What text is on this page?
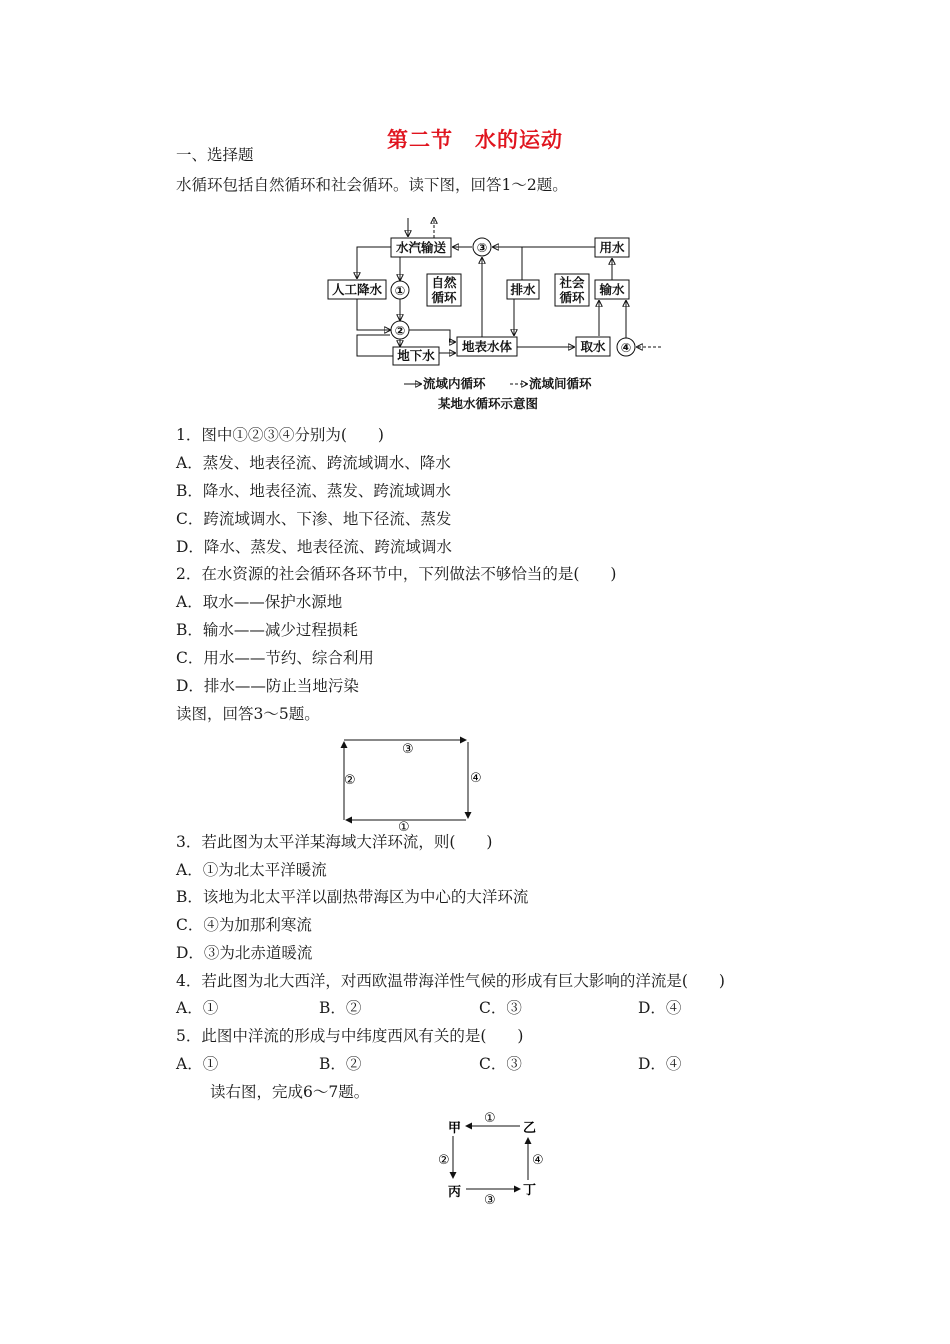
第二节　水的运动
一、选择题
水循环包括自然循环和社会循环。读下图，回答1～2题。
水汽输送 ③	用水
输水
④
取水
地表水体
排水
自然
循环
社会
循环
人工降水 ①
②
地下水
流域内循环	流域间循环
某地水循环示意图
1．图中①②③④分别为(　　)
A．蒸发、地表径流、跨流域调水、降水
B．降水、地表径流、蒸发、跨流域调水
C．跨流域调水、下渗、地下径流、蒸发
D．降水、蒸发、地表径流、跨流域调水
2．在水资源的社会循环各环节中，下列做法不够恰当的是(　　)
A．取水——保护水源地
B．输水——减少过程损耗
C．用水——节约、综合利用
D．排水——防止当地污染
读图，回答3～5题。
③
④
②
①
3．若此图为太平洋某海域大洋环流，则(　　)
A．①为北太平洋暖流
B．该地为北太平洋以副热带海区为中心的大洋环流
C．④为加那利寒流
D．③为北赤道暖流
4．若此图为北大西洋，对西欧温带海洋性气候的形成有巨大影响的洋流是(　　)
A．①	B．②	C．③	D．④
5．此图中洋流的形成与中纬度西风有关的是(　　)
A．①	B．②	C．③	D．④
读右图，完成6～7题。
甲	乙
丙	丁
①
②
③
④
